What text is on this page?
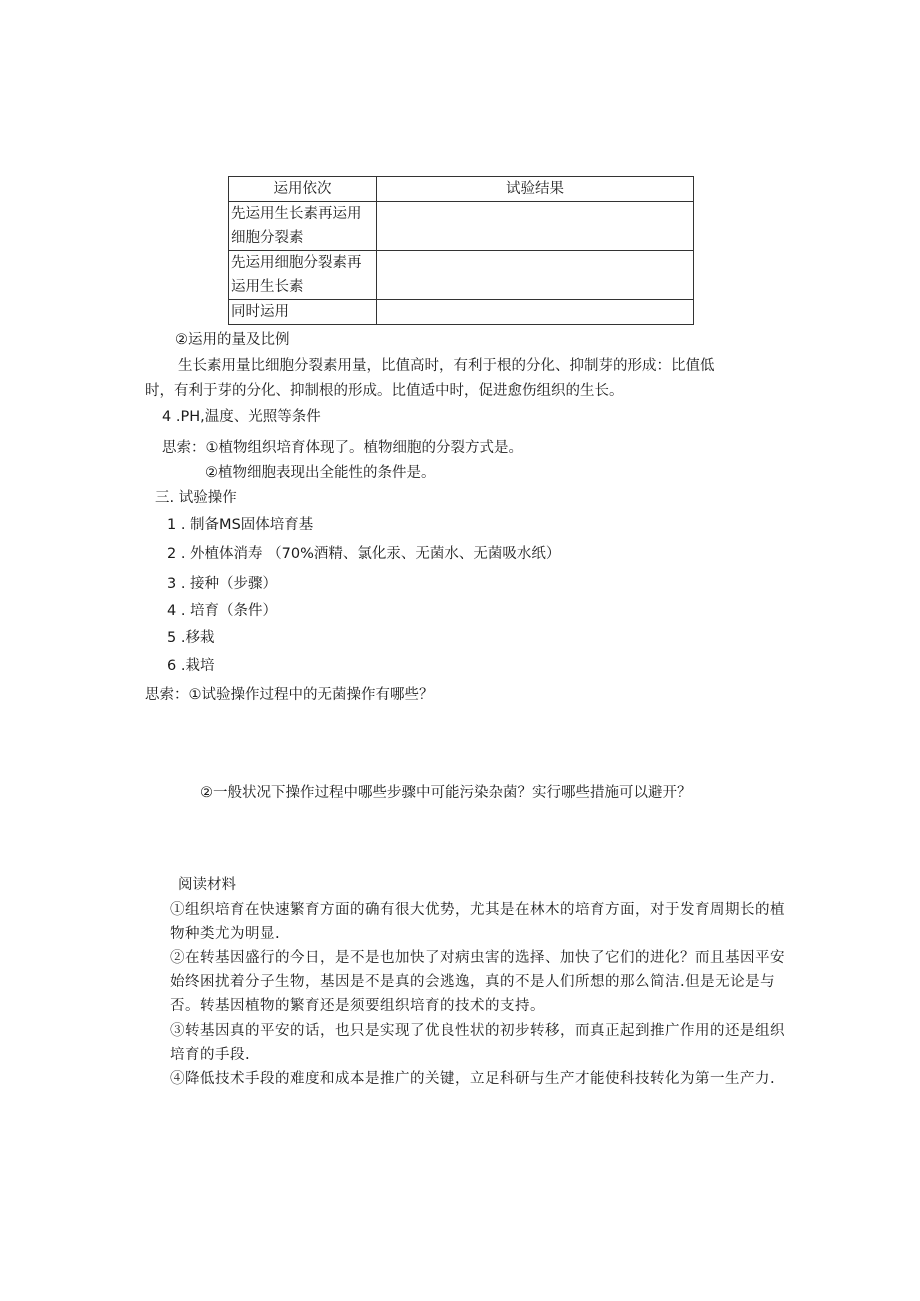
运用依次	试验结果
先运用生长素再运用细胞分裂素	
先运用细胞分裂素再运用生长素	
同时运用	
②运用的量及比例
生长素用量比细胞分裂素用量，比值高时，有利于根的分化、抑制芽的形成：比值低
时，有利于芽的分化、抑制根的形成。比值适中时，促进愈伤组织的生长。
4 .PH,温度、光照等条件
思索：①植物组织培育体现了。植物细胞的分裂方式是。
②植物细胞表现出全能性的条件是。
三. 试验操作
1 . 制备MS固体培育基
2 . 外植体消寿 （70%酒精、氯化汞、无菌水、无菌吸水纸）
3 . 接种（步骤）
4 . 培育（条件）
5 .移栽
6 .栽培
思索：①试验操作过程中的无菌操作有哪些？
②一般状况下操作过程中哪些步骤中可能污染杂菌？实行哪些措施可以避开？
阅读材料
①组织培育在快速繁育方面的确有很大优势，尤其是在林木的培育方面，对于发育周期长的植物种类尤为明显.
②在转基因盛行的今日，是不是也加快了对病虫害的选择、加快了它们的进化？而且基因平安始终困扰着分子生物，基因是不是真的会逃逸，真的不是人们所想的那么简洁.但是无论是与否。转基因植物的繁育还是须要组织培育的技术的支持。
③转基因真的平安的话，也只是实现了优良性状的初步转移，而真正起到推广作用的还是组织培育的手段.
④降低技术手段的难度和成本是推广的关键，立足科研与生产才能使科技转化为第一生产力.
